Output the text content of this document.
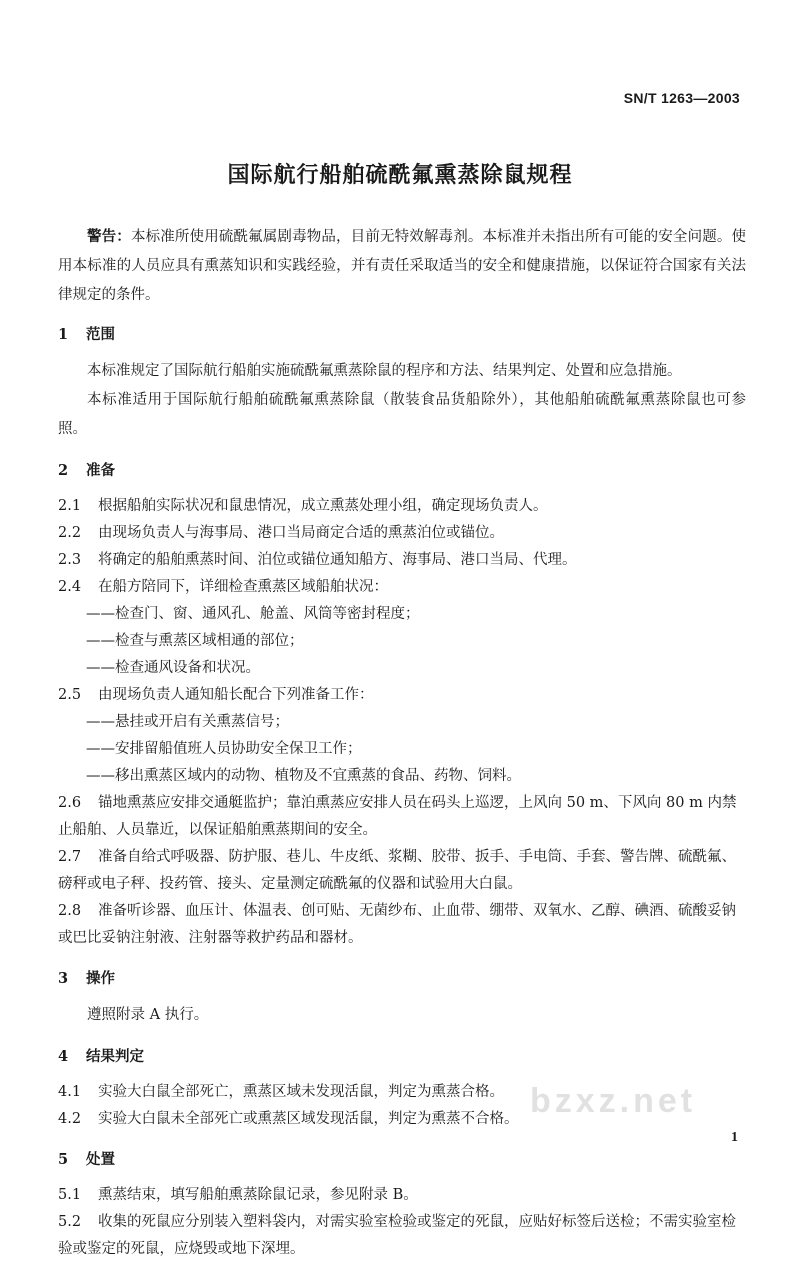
SN/T 1263—2003
国际航行船舶硫酰氟熏蒸除鼠规程

警告：本标准所使用硫酰氟属剧毒物品，目前无特效解毒剂。本标准并未指出所有可能的安全问题。使用本标准的人员应具有熏蒸知识和实践经验，并有责任采取适当的安全和健康措施，以保证符合国家有关法律规定的条件。

1 范围

本标准规定了国际航行船舶实施硫酰氟熏蒸除鼠的程序和方法、结果判定、处置和应急措施。

本标准适用于国际航行船舶硫酰氟熏蒸除鼠（散装食品货船除外），其他船舶硫酰氟熏蒸除鼠也可参照。

2 准备
2.1	根据船舶实际状况和鼠患情况，成立熏蒸处理小组，确定现场负责人。
2.2	由现场负责人与海事局、港口当局商定合适的熏蒸泊位或锚位。
2.3	将确定的船舶熏蒸时间、泊位或锚位通知船方、海事局、港口当局、代理。
2.4	在船方陪同下，详细检查熏蒸区域船舶状况：
——检查门、窗、通风孔、舱盖、风筒等密封程度；
——检查与熏蒸区域相通的部位；
——检查通风设备和状况。
2.5	由现场负责人通知船长配合下列准备工作：
——悬挂或开启有关熏蒸信号；
——安排留船值班人员协助安全保卫工作；
——移出熏蒸区域内的动物、植物及不宜熏蒸的食品、药物、饲料。
2.6 锚地熏蒸应安排交通艇监护；靠泊熏蒸应安排人员在码头上巡逻，上风向 50 m、下风向 80 m 内禁止船舶、人员靠近，以保证船舶熏蒸期间的安全。
2.7 准备自给式呼吸器、防护服、巷儿、牛皮纸、浆糊、胶带、扳手、手电筒、手套、警告牌、硫酰氟、磅秤或电子秤、投药管、接头、定量测定硫酰氟的仪器和试验用大白鼠。
2.8 准备听诊器、血压计、体温表、创可贴、无菌纱布、止血带、绷带、双氧水、乙醇、碘酒、硫酸妥钠或巴比妥钠注射液、注射器等救护药品和器材。
3 操作

遵照附录 A 执行。

4 结果判定
4.1	实验大白鼠全部死亡，熏蒸区域未发现活鼠，判定为熏蒸合格。
4.2	实验大白鼠未全部死亡或熏蒸区域发现活鼠，判定为熏蒸不合格。
5 处置
5.1	熏蒸结束，填写船舶熏蒸除鼠记录，参见附录 B。
5.2 收集的死鼠应分别装入塑料袋内，对需实验室检验或鉴定的死鼠，应贴好标签后送检；不需实验室检验或鉴定的死鼠，应烧毁或地下深埋。
bzxz.net
1
